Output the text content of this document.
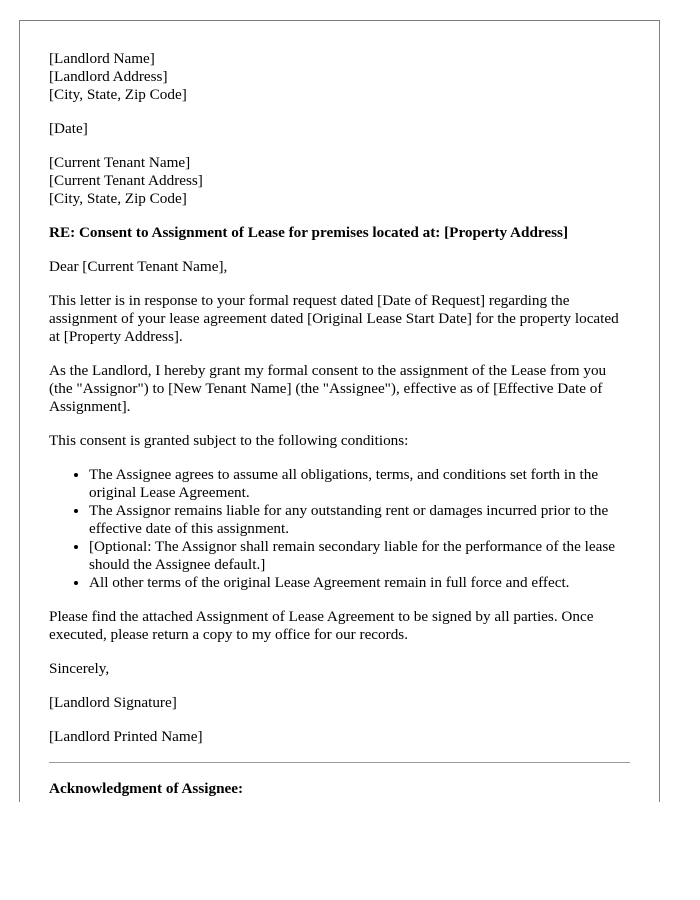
[Landlord Name]
[Landlord Address]
[City, State, Zip Code]
[Date]
[Current Tenant Name]
[Current Tenant Address]
[City, State, Zip Code]
RE: Consent to Assignment of Lease for premises located at: [Property Address]

Dear [Current Tenant Name],

This letter is in response to your formal request dated [Date of Request] regarding the assignment of your lease agreement dated [Original Lease Start Date] for the property located at [Property Address].

As the Landlord, I hereby grant my formal consent to the assignment of the Lease from you (the "Assignor") to [New Tenant Name] (the "Assignee"), effective as of [Effective Date of Assignment].

This consent is granted subject to the following conditions:

• The Assignee agrees to assume all obligations, terms, and conditions set forth in the original Lease Agreement.
• The Assignor remains liable for any outstanding rent or damages incurred prior to the effective date of this assignment.
• [Optional: The Assignor shall remain secondary liable for the performance of the lease should the Assignee default.]
• All other terms of the original Lease Agreement remain in full force and effect.

Please find the attached Assignment of Lease Agreement to be signed by all parties. Once executed, please return a copy to my office for our records.

Sincerely,

[Landlord Signature]

[Landlord Printed Name]

Acknowledgment of Assignee:
